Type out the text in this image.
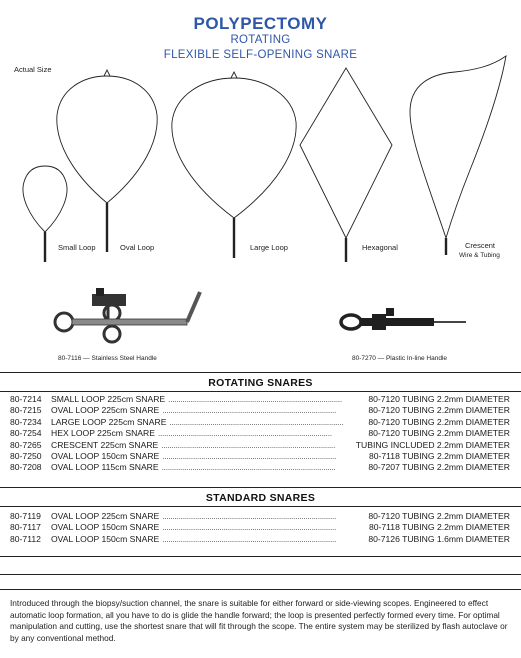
POLYPECTOMY
ROTATING
FLEXIBLE SELF-OPENING SNARE
Actual Size
Small Loop	Oval Loop	Large Loop	Hexagonal	Crescent
Wire & Tubing
80-7116 — Stainless Steel Handle	80-7270 — Plastic In-line Handle
ROTATING SNARES
80-7214	SMALL LOOP 225cm SNARE . . .	80-7120 TUBING 2.2mm DIAMETER
80-7215	OVAL LOOP 225cm SNARE . . .	80-7120 TUBING 2.2mm DIAMETER
80-7234	LARGE LOOP 225cm SNARE . . .	80-7120 TUBING 2.2mm DIAMETER
80-7254	HEX LOOP 225cm SNARE . . .	80-7120 TUBING 2.2mm DIAMETER
80-7265	CRESCENT 225cm SNARE . . .	TUBING INCLUDED 2.2mm DIAMETER
80-7250	OVAL LOOP 150cm SNARE . . .	80-7118 TUBING 2.2mm DIAMETER
80-7208	OVAL LOOP 115cm SNARE . . .	80-7207 TUBING 2.2mm DIAMETER
STANDARD SNARES
80-7119	OVAL LOOP 225cm SNARE . . .	80-7120 TUBING 2.2mm DIAMETER
80-7117	OVAL LOOP 150cm SNARE . . .	80-7118 TUBING 2.2mm DIAMETER
80-7112	OVAL LOOP 150cm SNARE . . .	80-7126 TUBING 1.6mm DIAMETER
Introduced through the biopsy/suction channel, the snare is suitable for either forward or side-viewing scopes. Engineered to effect automatic loop formation, all you have to do is glide the handle forward; the loop is presented perfectly formed every time. For optimal manipulation and cutting, use the shortest snare that will fit through the scope. The entire system may be sterilized by flash autoclave or by any conventional method.
